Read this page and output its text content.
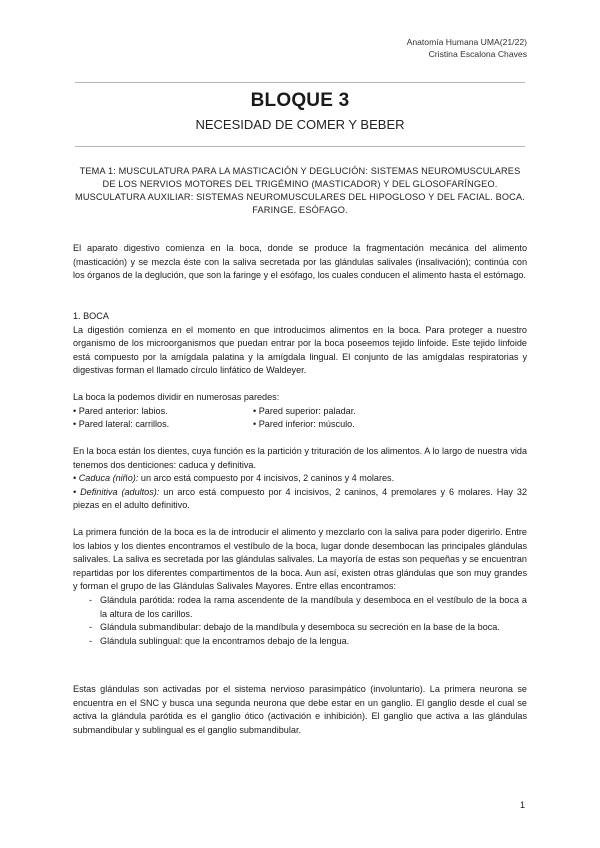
Anatomía Humana UMA(21/22)
Cristina Escalona Chaves
BLOQUE 3
NECESIDAD DE COMER Y BEBER
TEMA 1: MUSCULATURA PARA LA MASTICACIÓN Y DEGLUCIÓN: SISTEMAS NEUROMUSCULARES DE LOS NERVIOS MOTORES DEL TRIGÉMINO (MASTICADOR) Y DEL GLOSOFARÍNGEO. MUSCULATURA AUXILIAR: SISTEMAS NEUROMUSCULARES DEL HIPOGLOSO Y DEL FACIAL. BOCA. FARINGE. ESÓFAGO.

El aparato digestivo comienza en la boca, donde se produce la fragmentación mecánica del alimento (masticación) y se mezcla éste con la saliva secretada por las glándulas salivales (insalivación); continúa con los órganos de la deglución, que son la faringe y el esófago, los cuales conducen el alimento hasta el estómago.

1. BOCA

La digestión comienza en el momento en que introducimos alimentos en la boca. Para proteger a nuestro organismo de los microorganismos que puedan entrar por la boca poseemos tejido linfoide. Este tejido linfoide está compuesto por la amígdala palatina y la amígdala lingual. El conjunto de las amígdalas respiratorias y digestivas forman el llamado círculo linfático de Waldeyer.

La boca la podemos dividir en numerosas paredes:

• Pared anterior: labios.	• Pared superior: paladar.
• Pared lateral: carrillos.	• Pared inferior: músculo.

En la boca están los dientes, cuya función es la partición y trituración de los alimentos. A lo largo de nuestra vida tenemos dos denticiones: caduca y definitiva.

• Caduca (niño): un arco está compuesto por 4 incisivos, 2 caninos y 4 molares.

• Definitiva (adultos): un arco está compuesto por 4 incisivos, 2 caninos, 4 premolares y 6 molares. Hay 32 piezas en el adulto definitivo.

La primera función de la boca es la de introducir el alimento y mezclarlo con la saliva para poder digerirlo. Entre los labios y los dientes encontramos el vestíbulo de la boca, lugar donde desembocan las principales glándulas salivales. La saliva es secretada por las glándulas salivales. La mayoría de estas son pequeñas y se encuentran repartidas por los diferentes compartimentos de la boca. Aun así, existen otras glándulas que son muy grandes y forman el grupo de las Glándulas Salivales Mayores. Entre ellas encontramos:

- Glándula parótida: rodea la rama ascendente de la mandíbula y desemboca en el vestíbulo de la boca a la altura de los carillos.
- Glándula submandibular: debajo de la mandíbula y desemboca su secreción en la base de la boca.
- Glándula sublingual: que la encontramos debajo de la lengua.

Estas glándulas son activadas por el sistema nervioso parasimpático (involuntario). La primera neurona se encuentra en el SNC y busca una segunda neurona que debe estar en un ganglio. El ganglio desde el cual se activa la glándula parótida es el ganglio ótico (activación e inhibición). El ganglio que activa a las glándulas submandibular y sublingual es el ganglio submandibular.

1
